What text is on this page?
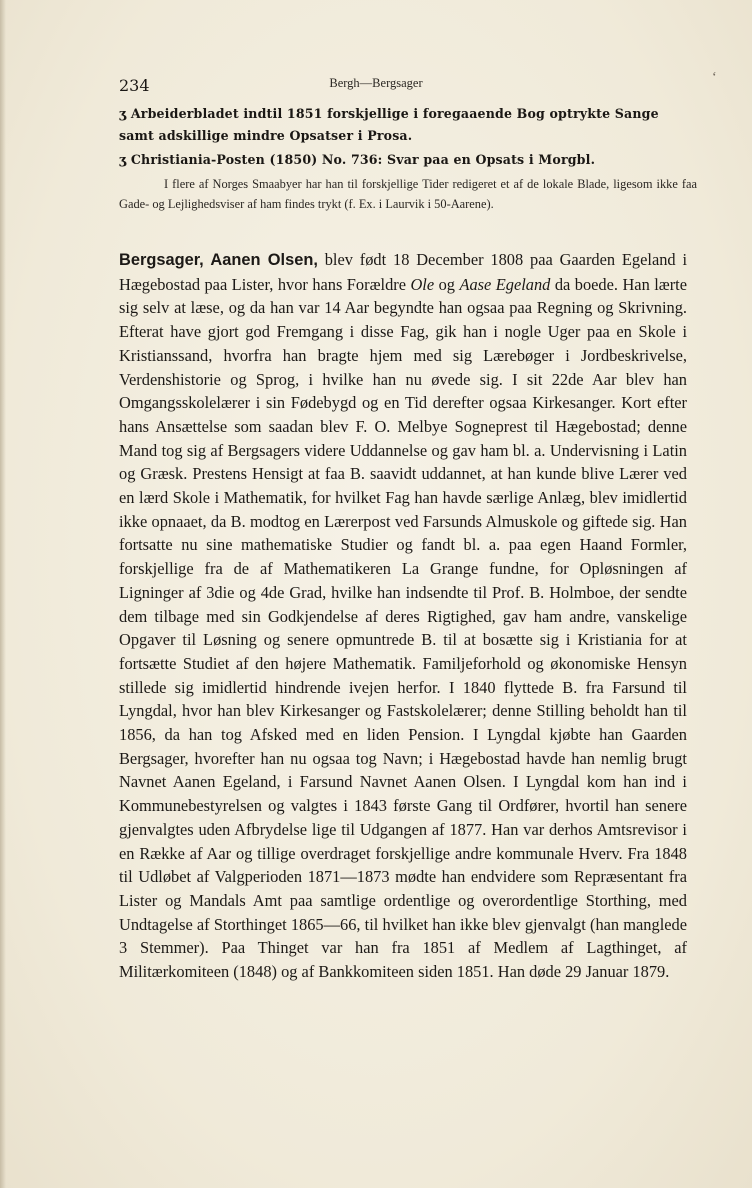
234	Bergh—Bergsager	ʻ
ʒ Arbeiderbladet indtil 1851 forskjellige i foregaaende Bog optrykte Sange samt adskillige mindre Opsatser i Prosa.
ʒ Christiania-Posten (1850) No. 736: Svar paa en Opsats i Morgbl.
I flere af Norges Smaabyer har han til forskjellige Tider redigeret et af de lokale Blade, ligesom ikke faa Gade- og Lejlighedsviser af ham findes trykt (f. Ex. i Laurvik i 50-Aarene).
Bergsager, Aanen Olsen, blev født 18 December 1808 paa Gaarden Egeland i Hægebostad paa Lister, hvor hans Forældre Ole og Aase Egeland da boede. Han lærte sig selv at læse, og da han var 14 Aar begyndte han ogsaa paa Regning og Skrivning. Efterat have gjort god Fremgang i disse Fag, gik han i nogle Uger paa en Skole i Kristianssand, hvorfra han bragte hjem med sig Lærebøger i Jordbeskrivelse, Verdenshistorie og Sprog, i hvilke han nu øvede sig. I sit 22de Aar blev han Omgangsskolelærer i sin Fødebygd og en Tid derefter ogsaa Kirkesanger. Kort efter hans Ansættelse som saadan blev F. O. Melbye Sogneprest til Hægebostad; denne Mand tog sig af Bergsagers videre Uddannelse og gav ham bl. a. Undervisning i Latin og Græsk. Prestens Hensigt at faa B. saavidt uddannet, at han kunde blive Lærer ved en lærd Skole i Mathematik, for hvilket Fag han havde særlige Anlæg, blev imidlertid ikke opnaaet, da B. modtog en Lærerpost ved Farsunds Almuskole og giftede sig. Han fortsatte nu sine mathematiske Studier og fandt bl. a. paa egen Haand Formler, forskjellige fra de af Mathematikeren La Grange fundne, for Opløsningen af Ligninger af 3die og 4de Grad, hvilke han indsendte til Prof. B. Holmboe, der sendte dem tilbage med sin Godkjendelse af deres Rigtighed, gav ham andre, vanskelige Opgaver til Løsning og senere opmuntrede B. til at bosætte sig i Kristiania for at fortsætte Studiet af den højere Mathematik. Familjeforhold og økonomiske Hensyn stillede sig imidlertid hindrende ivejen herfor. I 1840 flyttede B. fra Farsund til Lyngdal, hvor han blev Kirkesanger og Fastskolelærer; denne Stilling beholdt han til 1856, da han tog Afsked med en liden Pension. I Lyngdal kjøbte han Gaarden Bergsager, hvorefter han nu ogsaa tog Navn; i Hægebostad havde han nemlig brugt Navnet Aanen Egeland, i Farsund Navnet Aanen Olsen. I Lyngdal kom han ind i Kommunebestyrelsen og valgtes i 1843 første Gang til Ordfører, hvortil han senere gjenvalgtes uden Afbrydelse lige til Udgangen af 1877. Han var derhos Amtsrevisor i en Række af Aar og tillige overdraget forskjellige andre kommunale Hverv. Fra 1848 til Udløbet af Valgperioden 1871—1873 mødte han endvidere som Repræsentant fra Lister og Mandals Amt paa samtlige ordentlige og overordentlige Storthing, med Undtagelse af Storthinget 1865—66, til hvilket han ikke blev gjenvalgt (han manglede 3 Stemmer). Paa Thinget var han fra 1851 af Medlem af Lagthinget, af Militærkomiteen (1848) og af Bankkomiteen siden 1851. Han døde 29 Januar 1879.
